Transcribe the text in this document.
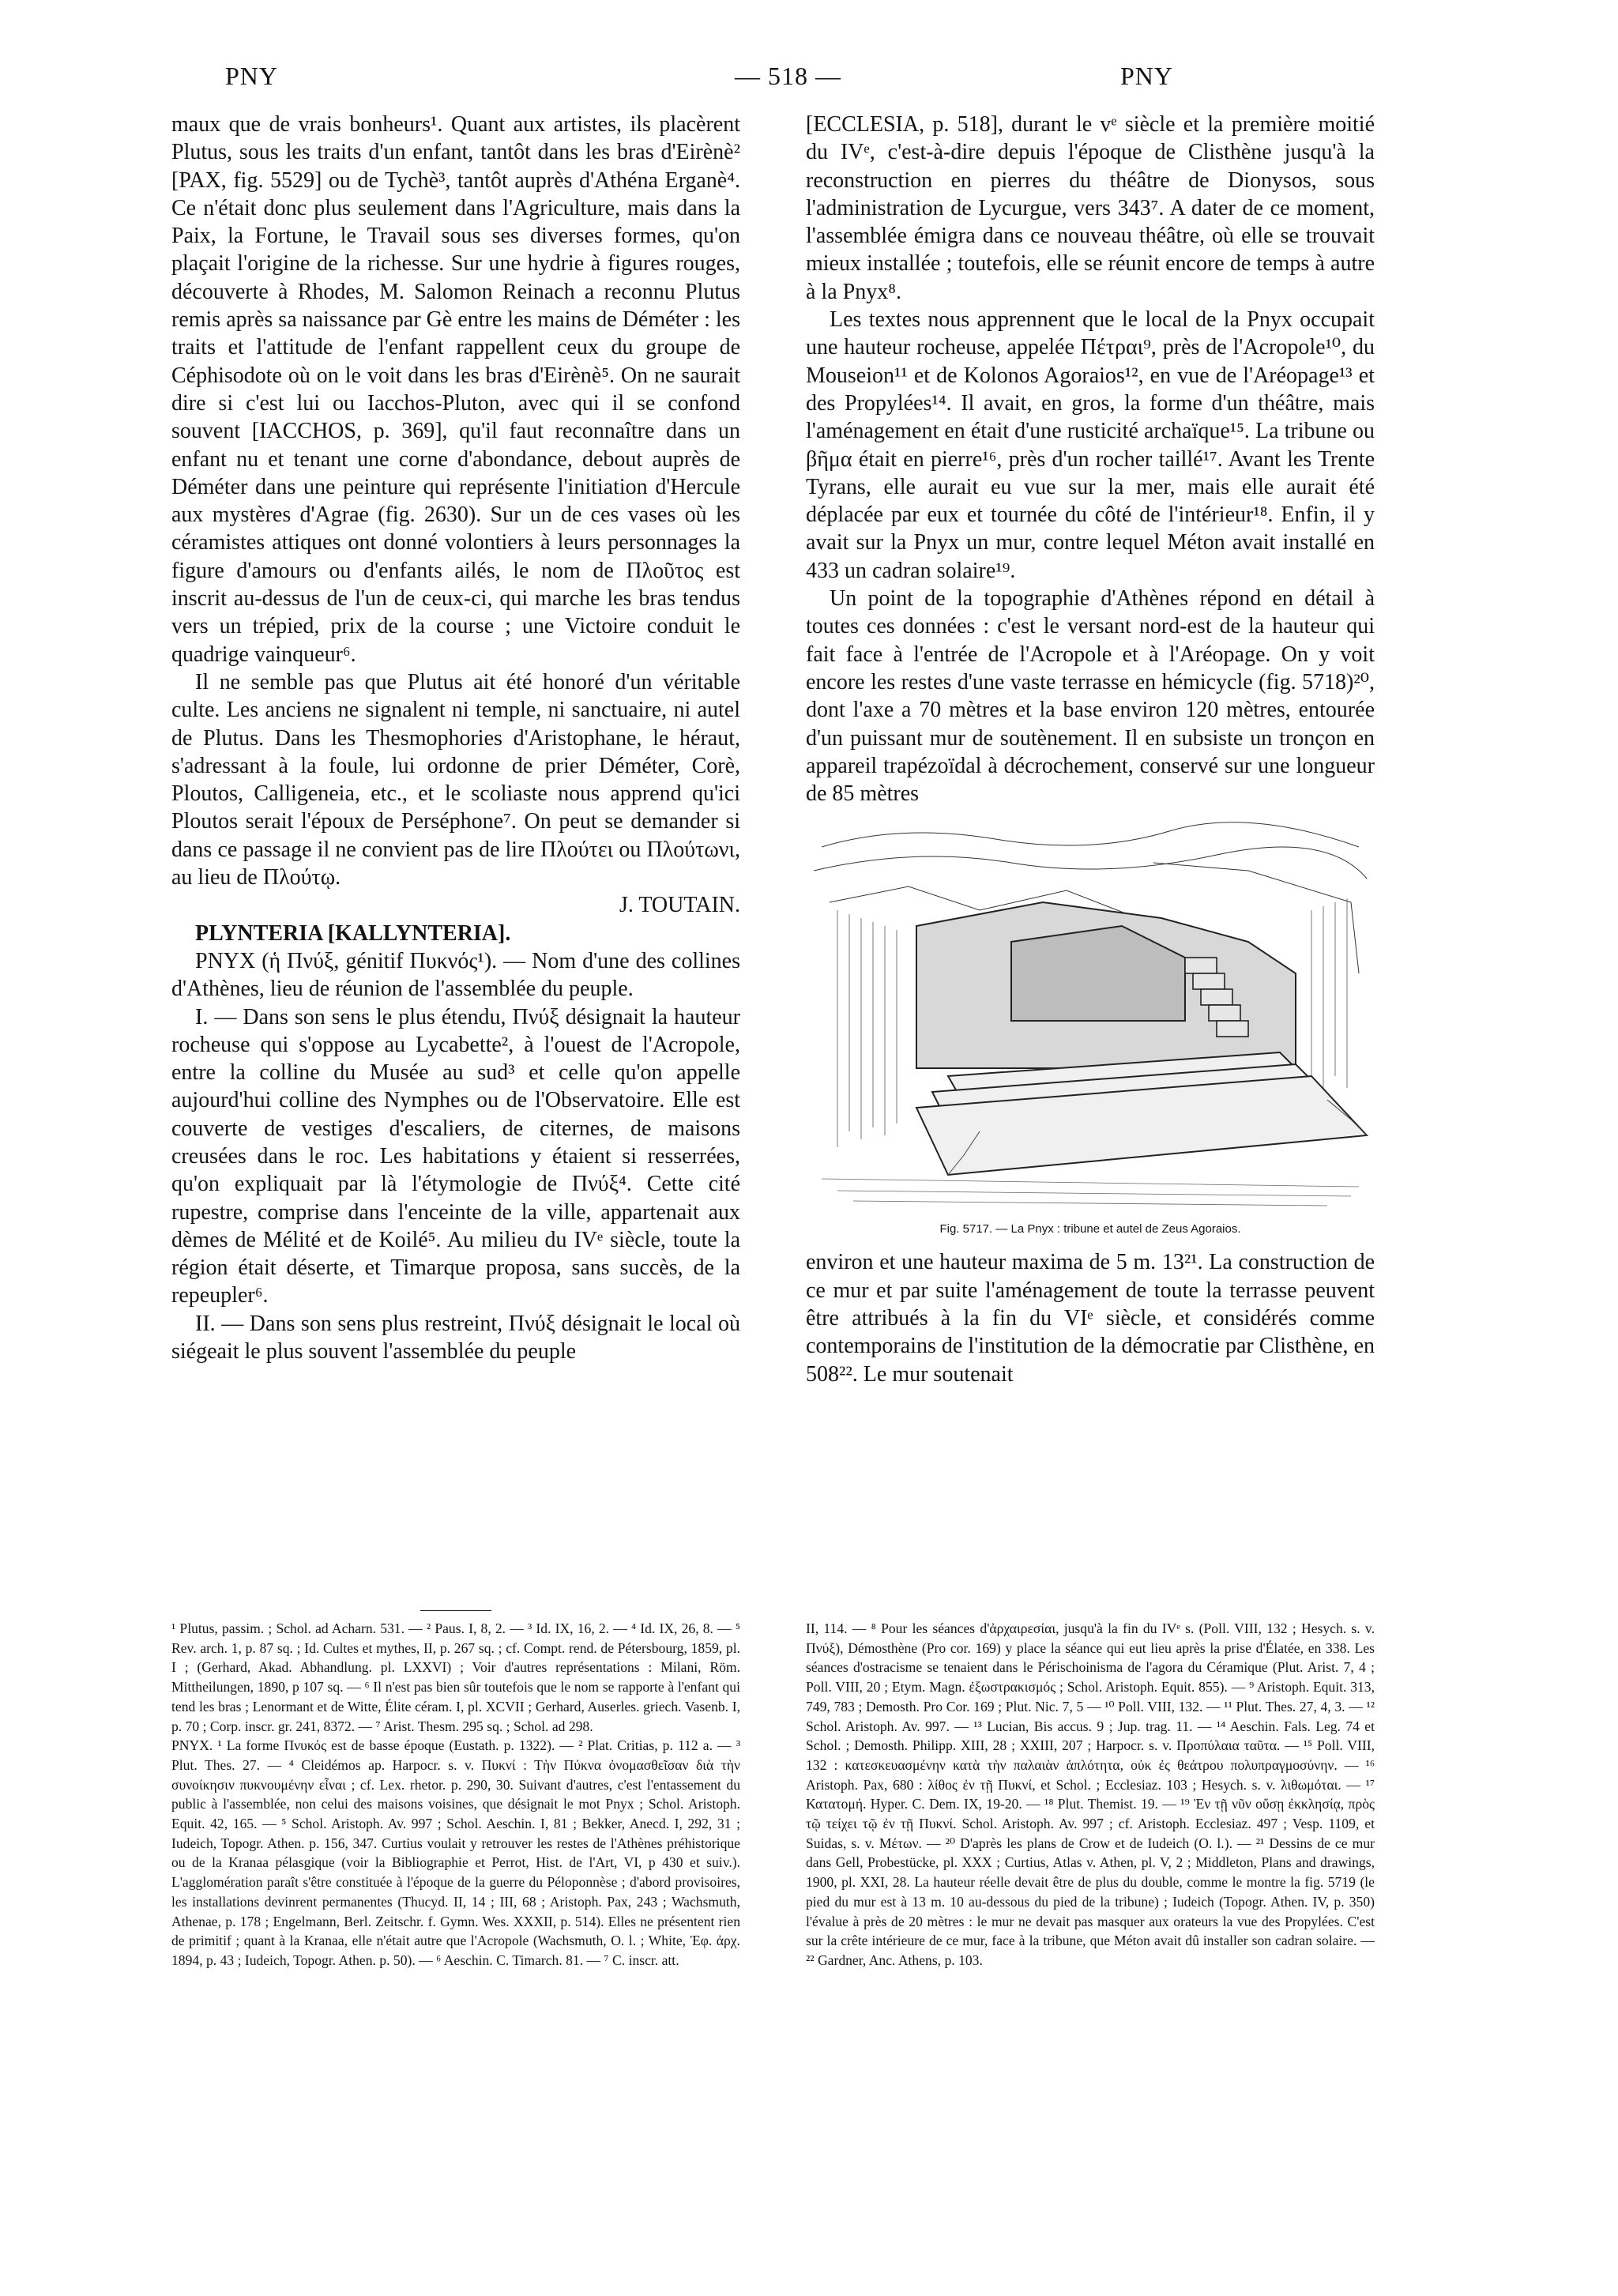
PNY	— 518 —	PNY

maux que de vrais bonheurs¹. Quant aux artistes, ils placèrent Plutus, sous les traits d'un enfant, tantôt dans les bras d'Eirènè² [PAX, fig. 5529] ou de Tychè³, tantôt auprès d'Athéna Erganè⁴. Ce n'était donc plus seulement dans l'Agriculture, mais dans la Paix, la Fortune, le Travail sous ses diverses formes, qu'on plaçait l'origine de la richesse. Sur une hydrie à figures rouges, découverte à Rhodes, M. Salomon Reinach a reconnu Plutus remis après sa naissance par Gè entre les mains de Déméter : les traits et l'attitude de l'enfant rappellent ceux du groupe de Céphisodote où on le voit dans les bras d'Eirènè⁵. On ne saurait dire si c'est lui ou Iacchos-Pluton, avec qui il se confond souvent [IACCHOS, p. 369], qu'il faut reconnaître dans un enfant nu et tenant une corne d'abondance, debout auprès de Déméter dans une peinture qui représente l'initiation d'Hercule aux mystères d'Agrae (fig. 2630). Sur un de ces vases où les céramistes attiques ont donné volontiers à leurs personnages la figure d'amours ou d'enfants ailés, le nom de Πλοῦτος est inscrit au-dessus de l'un de ceux-ci, qui marche les bras tendus vers un trépied, prix de la course ; une Victoire conduit le quadrige vainqueur⁶.

Il ne semble pas que Plutus ait été honoré d'un véritable culte. Les anciens ne signalent ni temple, ni sanctuaire, ni autel de Plutus. Dans les Thesmophories d'Aristophane, le héraut, s'adressant à la foule, lui ordonne de prier Déméter, Corè, Ploutos, Calligeneia, etc., et le scoliaste nous apprend qu'ici Ploutos serait l'époux de Perséphone⁷. On peut se demander si dans ce passage il ne convient pas de lire Πλούτει ou Πλούτωνι, au lieu de Πλούτῳ.

J. TOUTAIN.

PLYNTERIA [KALLYNTERIA].

PNYX (ἡ Πνύξ, génitif Πυκνός¹). — Nom d'une des collines d'Athènes, lieu de réunion de l'assemblée du peuple.

I. — Dans son sens le plus étendu, Πνύξ désignait la hauteur rocheuse qui s'oppose au Lycabette², à l'ouest de l'Acropole, entre la colline du Musée au sud³ et celle qu'on appelle aujourd'hui colline des Nymphes ou de l'Observatoire. Elle est couverte de vestiges d'escaliers, de citernes, de maisons creusées dans le roc. Les habitations y étaient si resserrées, qu'on expliquait par là l'étymologie de Πνύξ⁴. Cette cité rupestre, comprise dans l'enceinte de la ville, appartenait aux dèmes de Mélité et de Koilé⁵. Au milieu du IVᵉ siècle, toute la région était déserte, et Timarque proposa, sans succès, de la repeupler⁶.

II. — Dans son sens plus restreint, Πνύξ désignait le local où siégeait le plus souvent l'assemblée du peuple

[ECCLESIA, p. 518], durant le vᵉ siècle et la première moitié du IVᵉ, c'est-à-dire depuis l'époque de Clisthène jusqu'à la reconstruction en pierres du théâtre de Dionysos, sous l'administration de Lycurgue, vers 343⁷. A dater de ce moment, l'assemblée émigra dans ce nouveau théâtre, où elle se trouvait mieux installée ; toutefois, elle se réunit encore de temps à autre à la Pnyx⁸.

Les textes nous apprennent que le local de la Pnyx occupait une hauteur rocheuse, appelée Πέτραι⁹, près de l'Acropole¹⁰, du Mouseion¹¹ et de Kolonos Agoraios¹², en vue de l'Aréopage¹³ et des Propylées¹⁴. Il avait, en gros, la forme d'un théâtre, mais l'aménagement en était d'une rusticité archaïque¹⁵. La tribune ou βῆμα était en pierre¹⁶, près d'un rocher taillé¹⁷. Avant les Trente Tyrans, elle aurait eu vue sur la mer, mais elle aurait été déplacée par eux et tournée du côté de l'intérieur¹⁸. Enfin, il y avait sur la Pnyx un mur, contre lequel Méton avait installé en 433 un cadran solaire¹⁹.

Un point de la topographie d'Athènes répond en détail à toutes ces données : c'est le versant nord-est de la hauteur qui fait face à l'entrée de l'Acropole et à l'Aréopage. On y voit encore les restes d'une vaste terrasse en hémicycle (fig. 5718)²⁰, dont l'axe a 70 mètres et la base environ 120 mètres, entourée d'un puissant mur de soutènement. Il en subsiste un tronçon en appareil trapézoïdal à décrochement, conservé sur une longueur de 85 mètres

Fig. 5717. — La Pnyx : tribune et autel de Zeus Agoraios.

environ et une hauteur maxima de 5 m. 13²¹. La construction de ce mur et par suite l'aménagement de toute la terrasse peuvent être attribués à la fin du VIᵉ siècle, et considérés comme contemporains de l'institution de la démocratie par Clisthène, en 508²². Le mur soutenait

¹ Plutus, passim. ; Schol. ad Acharn. 531. — ² Paus. I, 8, 2. — ³ Id. IX, 16, 2. — ⁴ Id. IX, 26, 8. — ⁵ Rev. arch. 1, p. 87 sq. ; Id. Cultes et mythes, II, p. 267 sq. ; cf. Compt. rend. de Pétersbourg, 1859, pl. I ; (Gerhard, Akad. Abhandlung. pl. LXXVI) ; Voir d'autres représentations : Milani, Röm. Mittheilungen, 1890, p 107 sq. — ⁶ Il n'est pas bien sûr toutefois que le nom se rapporte à l'enfant qui tend les bras ; Lenormant et de Witte, Élite céram. I, pl. XCVII ; Gerhard, Auserles. griech. Vasenb. I, p. 70 ; Corp. inscr. gr. 241, 8372. — ⁷ Arist. Thesm. 295 sq. ; Schol. ad 298.

PNYX. ¹ La forme Πνυκός est de basse époque (Eustath. p. 1322). — ² Plat. Critias, p. 112 a. — ³ Plut. Thes. 27. — ⁴ Cleidémos ap. Harpocr. s. v. Πυκνί : Τὴν Πύκνα ὀνομασθεῖσαν διὰ τὴν συνοίκησιν πυκνουμένην εἶναι ; cf. Lex. rhetor. p. 290, 30. Suivant d'autres, c'est l'entassement du public à l'assemblée, non celui des maisons voisines, que désignait le mot Pnyx ; Schol. Aristoph. Equit. 42, 165. — ⁵ Schol. Aristoph. Av. 997 ; Schol. Aeschin. I, 81 ; Bekker, Anecd. I, 292, 31 ; Iudeich, Topogr. Athen. p. 156, 347. Curtius voulait y retrouver les restes de l'Athènes préhistorique ou de la Kranaa pélasgique (voir la Bibliographie et Perrot, Hist. de l'Art, VI, p 430 et suiv.). L'agglomération paraît s'être constituée à l'époque de la guerre du Péloponnèse ; d'abord provisoires, les installations devinrent permanentes (Thucyd. II, 14 ; III, 68 ; Aristoph. Pax, 243 ; Wachsmuth, Athenae, p. 178 ; Engelmann, Berl. Zeitschr. f. Gymn. Wes. XXXII, p. 514). Elles ne présentent rien de primitif ; quant à la Kranaa, elle n'était autre que l'Acropole (Wachsmuth, O. l. ; White, Ἐφ. ἀρχ. 1894, p. 43 ; Iudeich, Topogr. Athen. p. 50). — ⁶ Aeschin. C. Timarch. 81. — ⁷ C. inscr. att.

II, 114. — ⁸ Pour les séances d'ἀρχαιρεσίαι, jusqu'à la fin du IVᵉ s. (Poll. VIII, 132 ; Hesych. s. v. Πνύξ), Démosthène (Pro cor. 169) y place la séance qui eut lieu après la prise d'Élatée, en 338. Les séances d'ostracisme se tenaient dans le Périschoinisma de l'agora du Céramique (Plut. Arist. 7, 4 ; Poll. VIII, 20 ; Etym. Magn. ἐξωστρακισμός ; Schol. Aristoph. Equit. 855). — ⁹ Aristoph. Equit. 313, 749, 783 ; Demosth. Pro Cor. 169 ; Plut. Nic. 7, 5 — ¹⁰ Poll. VIII, 132. — ¹¹ Plut. Thes. 27, 4, 3. — ¹² Schol. Aristoph. Av. 997. — ¹³ Lucian, Bis accus. 9 ; Jup. trag. 11. — ¹⁴ Aeschin. Fals. Leg. 74 et Schol. ; Demosth. Philipp. XIII, 28 ; XXIII, 207 ; Harpocr. s. v. Προπύλαια ταῦτα. — ¹⁵ Poll. VIII, 132 : κατεσκευασμένην κατὰ τὴν παλαιὰν ἁπλότητα, οὐκ ἐς θεάτρου πολυπραγμοσύνην. — ¹⁶ Aristoph. Pax, 680 : λίθος ἐν τῇ Πυκνί, et Schol. ; Ecclesiaz. 103 ; Hesych. s. v. λιθωμόται. — ¹⁷ Κατατομή. Hyper. C. Dem. IX, 19-20. — ¹⁸ Plut. Themist. 19. — ¹⁹ Ἐν τῇ νῦν οὔσῃ ἐκκλησίᾳ, πρὸς τῷ τείχει τῷ ἐν τῇ Πυκνί. Schol. Aristoph. Av. 997 ; cf. Aristoph. Ecclesiaz. 497 ; Vesp. 1109, et Suidas, s. v. Μέτων. — ²⁰ D'après les plans de Crow et de Iudeich (O. l.). — ²¹ Dessins de ce mur dans Gell, Probestücke, pl. XXX ; Curtius, Atlas v. Athen, pl. V, 2 ; Middleton, Plans and drawings, 1900, pl. XXI, 28. La hauteur réelle devait être de plus du double, comme le montre la fig. 5719 (le pied du mur est à 13 m. 10 au-dessous du pied de la tribune) ; Iudeich (Topogr. Athen. IV, p. 350) l'évalue à près de 20 mètres : le mur ne devait pas masquer aux orateurs la vue des Propylées. C'est sur la crête intérieure de ce mur, face à la tribune, que Méton avait dû installer son cadran solaire. — ²² Gardner, Anc. Athens, p. 103.
